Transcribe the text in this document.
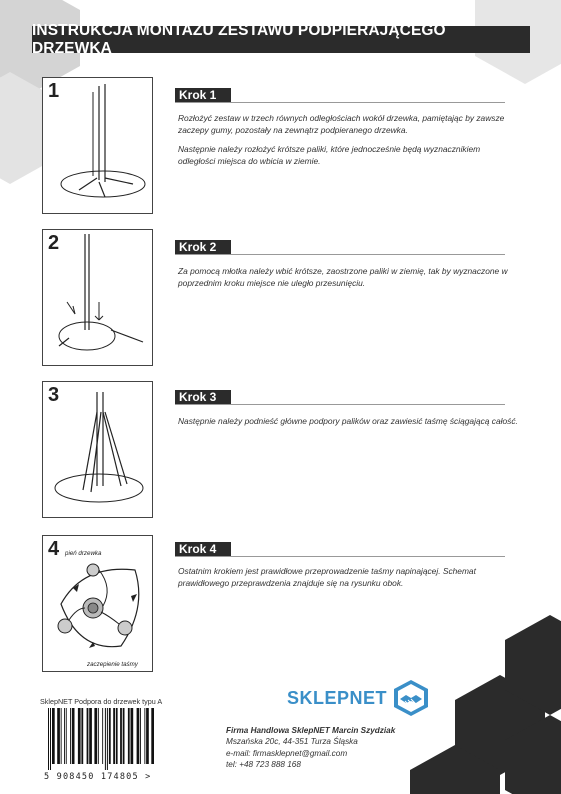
INSTRUKCJA MONTAŻU ZESTAWU PODPIERAJĄCEGO DRZEWKA
1	Krok 1

Rozłożyć zestaw w trzech równych odległościach wokół drzewka, pamiętając by zawsze zaczepy gumy, pozostały na zewnątrz podpieranego drzewka.

Następnie należy rozłożyć krótsze paliki, które jednocześnie będą wyznacznikiem odległości miejsca do wbicia w ziemie.

2	Krok 2

Za pomocą młotka należy wbić krótsze, zaostrzone paliki w ziemię, tak by wyznaczone w poprzednim kroku miejsce nie uległo przesunięciu.

3	Krok 3

Następnie należy podnieść główne podpory palików oraz zawiesić taśmę ściągającą całość.

4 pień drzewka
zaczepienie taśmy
Krok 4

Ostatnim krokiem jest prawidłowe przeprowadzenie taśmy napinającej. Schemat prawidłowego przeprawdzenia znajduje się na rysunku obok.

SklepNET Podpora do drzewek typu A
5 908450 174805 >
SKLEPNET
Firma Handlowa SklepNET Marcin Szydziak
Mszańska 20c, 44-351 Turza Śląska
e-mail: firmasklepnet@gmail.com
tel: +48 723 888 168
